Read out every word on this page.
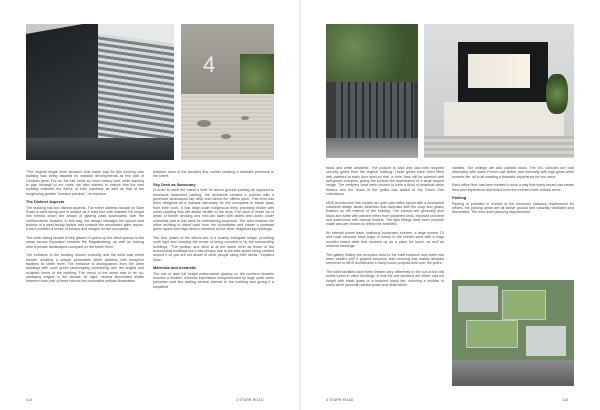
4

"The original single level structure that made way for this exciting new building was being dwarfed by massive developments as this part of Geraldin grew. For us, the site holds so much history and, while wanting to pay homage to our roots, we also wanted to ensure that the new building reflected the future of both practices as well as that of the burgeoning greater Sandton precinct," he explains.

The Distinct Aspects

The building has two distinct aspects. The street address facade on Starr Road is west-facing and is treated as a solid box with massive full height fins behind which the arrays of glazing pass southwards over the northsouthern facades. In this way, the design manages the typical heat buildup of a west-facing facade and controls the associated glare issues. It also provides a sense of privacy and intrigue for the occupants.

The north-facing facade is fully glazed; it opens up the office spaces to the views across Bryanston towards the Magaliesberg, as well as looking onto a private landscaped courtyard on the fourth level.

The entrance to the building stones vertically and the solid east street facade, creating a unique permeable street address with reception facilities at street level. The entrance is distinguished from the other buildings with such green landscaping contrasting with the angled and sculpted forms of the building. The vision of the street was to be no-mistaking engine in the facade. At night, vertical illuminated shafts between each pair of trees mirrors the concealed vertical illumination

between each of the facade's fins, further creating a dramatic presence in the street.

Sky Deck as Sanctuary

In order to meet the owner's brief for above ground parking as opposed to excessive basement parking, the architects created a podium with a generous landscaped sky deck onto which the offices open. This level has been designed as a useable sanctuary for the occupants to break away from their work. It has large-scale indigenous trees providing shade with under planting that will attract birdlife to the area. The deck is made up of areas of timber decking and mito-lion lawn with tables and chairs under umbrellas and is lost area for entertaining purposes. The area enables the office building to stand back from the boundaries and create a pleasant green space and high trees in between all the other neighbouring buildings.

The floor plates of the offices are in a loosely triangular shape, providing north light and avoiding the sense of being crowded in by the surrounding buildings. "The podium and deck is at the same level as those of the surrounding buildings but it has privacy due to the tree space being created around it so you are not aware of other people using their decks," explains Sean.

Materials and Aesthetic

The use of dark full height performance glazing on the northern facades ensures a modern, timeless expression complemented by large scale white porcelain clad fins adding vertical interest to the building and giving it a simplified

414	4 STARR ROAD

black and white aesthetic. The podium is dark and clad with recycled security grilles from the original building. These grilles have been fitted with planters at each floor level so that, in time, they will be covered with self-grown creepers, giving the podium the appearance of a large draped hedge. The creepers have been chosen to have a flush of seasonal white flowers and the reuse of the grilles has added to the Green Star submission.

MDS Architecture has chosen an open-plan office layout with a contrasted industrial design studio aesthetic that contrasts with the crisp and glossy finishes on the exterior of the building. The colours are generally also black and white with painted either from plastered brick, exposed concrete and warehouse with natural timbers. The light fittings have been purpose made and are chosen to reflect the aesthetic.

An internal power base, featuring bookmaed shelves, a large screen TV and multi coloured bean bags, is linked to the kitchen area with a huge wooden island table that doubles up as a place for lunch, as well as informal meetings.

The gallery linking the reception area to the staff entrance and stairs has been treated with a graphic bespoke wall covering that makes abstract reference to MDS Architecture's many iconic projects built over the years.

The toilet facilities have been treated very differently to the run-of-the-mill toilets found in office buildings, in that the wet surfaces are either clad full height with black glass or a textured black tile, covering a mixture of black-white porcelain sanitaryware and white stone

vanities. The ceilings are also painted black. The WC cubicles are clad alternately with warm French oak timber and internally with high gloss white ceramic tile, all in all creating a dramatic experience for the users.

Each office floor has been treated in such a way that every tenant can create their own experience and brand from the moment their visitors arrive.

Parking

Parking is provided in excess of the minimum statutory requirement for offices; the parking areas are all above ground and naturally ventilated and illuminated. The next level planning requirements

4 STARR ROAD	415
